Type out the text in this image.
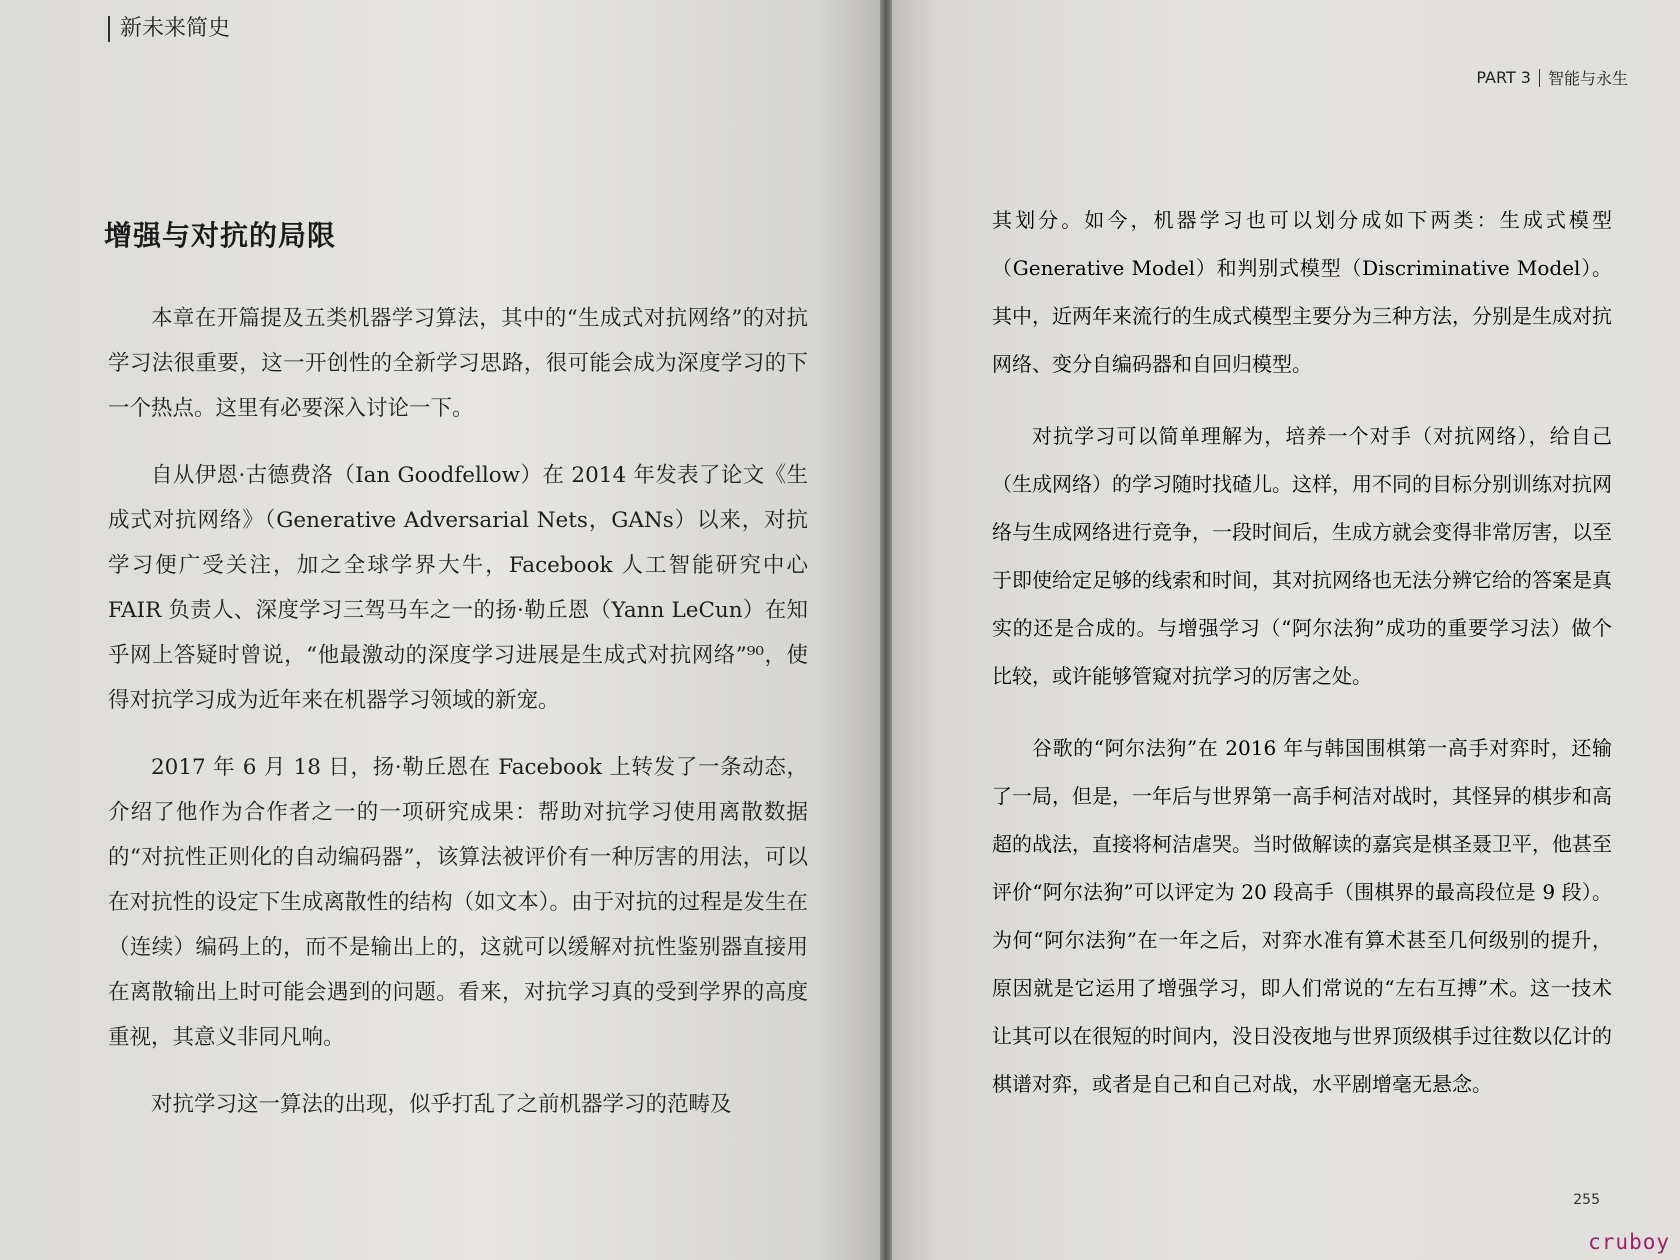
新未来简史
增强与对抗的局限

本章在开篇提及五类机器学习算法，其中的“生成式对抗网络”的对抗学习法很重要，这一开创性的全新学习思路，很可能会成为深度学习的下一个热点。这里有必要深入讨论一下。

自从伊恩·古德费洛（Ian Goodfellow）在 2014 年发表了论文《生成式对抗网络》（Generative Adversarial Nets，GANs）以来，对抗学习便广受关注，加之全球学界大牛，Facebook 人工智能研究中心 FAIR 负责人、深度学习三驾马车之一的扬·勒丘恩（Yann LeCun）在知乎网上答疑时曾说，“他最激动的深度学习进展是生成式对抗网络”⁹⁰，使得对抗学习成为近年来在机器学习领域的新宠。

2017 年 6 月 18 日，扬·勒丘恩在 Facebook 上转发了一条动态，介绍了他作为合作者之一的一项研究成果：帮助对抗学习使用离散数据的“对抗性正则化的自动编码器”，该算法被评价有一种厉害的用法，可以在对抗性的设定下生成离散性的结构（如文本）。由于对抗的过程是发生在（连续）编码上的，而不是输出上的，这就可以缓解对抗性鉴别器直接用在离散输出上时可能会遇到的问题。看来，对抗学习真的受到学界的高度重视，其意义非同凡响。

对抗学习这一算法的出现，似乎打乱了之前机器学习的范畴及

PART 3 智能与永生

其划分。如今，机器学习也可以划分成如下两类：生成式模型（Generative Model）和判别式模型（Discriminative Model）。其中，近两年来流行的生成式模型主要分为三种方法，分别是生成对抗网络、变分自编码器和自回归模型。

对抗学习可以简单理解为，培养一个对手（对抗网络），给自己（生成网络）的学习随时找碴儿。这样，用不同的目标分别训练对抗网络与生成网络进行竞争，一段时间后，生成方就会变得非常厉害，以至于即使给定足够的线索和时间，其对抗网络也无法分辨它给的答案是真实的还是合成的。与增强学习（“阿尔法狗”成功的重要学习法）做个比较，或许能够管窥对抗学习的厉害之处。

谷歌的“阿尔法狗”在 2016 年与韩国围棋第一高手对弈时，还输了一局，但是，一年后与世界第一高手柯洁对战时，其怪异的棋步和高超的战法，直接将柯洁虐哭。当时做解读的嘉宾是棋圣聂卫平，他甚至评价“阿尔法狗”可以评定为 20 段高手（围棋界的最高段位是 9 段）。为何“阿尔法狗”在一年之后，对弈水准有算术甚至几何级别的提升，原因就是它运用了增强学习，即人们常说的“左右互搏”术。这一技术让其可以在很短的时间内，没日没夜地与世界顶级棋手过往数以亿计的棋谱对弈，或者是自己和自己对战，水平剧增毫无悬念。

255
cruboy
